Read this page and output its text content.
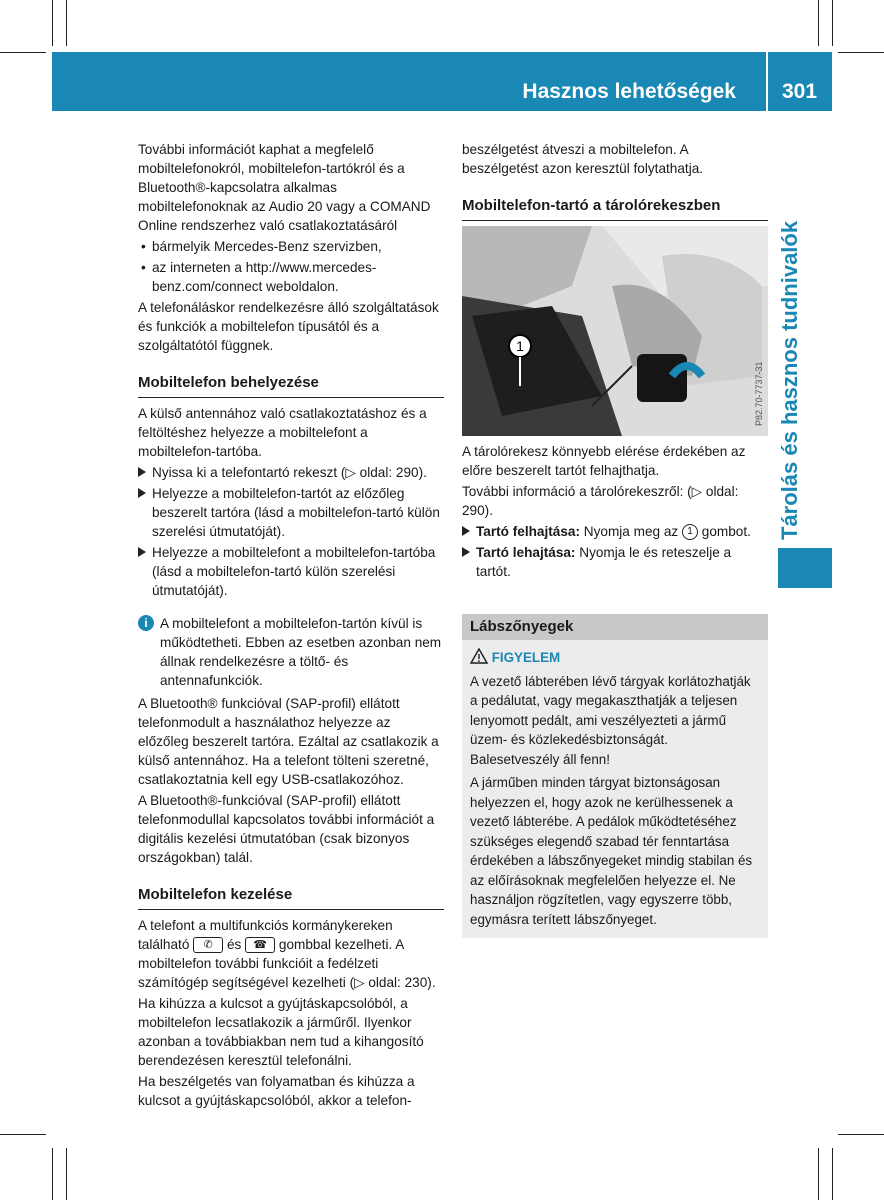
Hasznos lehetőségek 301
Tárolás és hasznos tudnivalók

További információt kaphat a megfelelő mobiltelefonokról, mobiltelefon-tartókról és a Bluetooth®-kapcsolatra alkalmas mobiltelefonoknak az Audio 20 vagy a COMAND Online rendszerhez való csatlakoztatásáról

• bármelyik Mercedes-Benz szervizben,

• az interneten a http://www.mercedes-benz.com/connect weboldalon.

A telefonáláskor rendelkezésre álló szolgáltatások és funkciók a mobiltelefon típusától és a szolgáltatótól függnek.

Mobiltelefon behelyezése

A külső antennához való csatlakoztatáshoz és a feltöltéshez helyezze a mobiltelefont a mobiltelefon-tartóba.

Nyissa ki a telefontartó rekeszt (▷ oldal: 290).

Helyezze a mobiltelefon-tartót az előzőleg beszerelt tartóra (lásd a mobiltelefon-tartó külön szerelési útmutatóját).

Helyezze a mobiltelefont a mobiltelefon-tartóba (lásd a mobiltelefon-tartó külön szerelési útmutatóját).

i A mobiltelefont a mobiltelefon-tartón kívül is működtetheti. Ebben az esetben azonban nem állnak rendelkezésre a töltő- és antennafunkciók.

A Bluetooth® funkcióval (SAP-profil) ellátott telefonmodult a használathoz helyezze az előzőleg beszerelt tartóra. Ezáltal az csatlakozik a külső antennához. Ha a telefont tölteni szeretné, csatlakoztatnia kell egy USB-csatlakozóhoz.

A Bluetooth®-funkcióval (SAP-profil) ellátott telefonmodullal kapcsolatos további információt a digitális kezelési útmutatóban (csak bizonyos országokban) talál.

Mobiltelefon kezelése

A telefont a multifunkciós kormánykereken található ✆ és ☎ gombbal kezelheti. A mobiltelefon további funkcióit a fedélzeti számítógép segítségével kezelheti (▷ oldal: 230).

Ha kihúzza a kulcsot a gyújtáskapcsolóból, a mobiltelefon lecsatlakozik a járműről. Ilyenkor azonban a továbbiakban nem tud a kihangosító berendezésen keresztül telefonálni.

Ha beszélgetés van folyamatban és kihúzza a kulcsot a gyújtáskapcsolóból, akkor a telefon-

beszélgetést átveszi a mobiltelefon. A beszélgetést azon keresztül folytathatja.

Mobiltelefon-tartó a tárolórekeszben
1
P82.70-7737-31

A tárolórekesz könnyebb elérése érdekében az előre beszerelt tartót felhajthatja.

További információ a tárolórekeszről: (▷ oldal: 290).

Tartó felhajtása: Nyomja meg az 1 gombot.

Tartó lehajtása: Nyomja le és reteszelje a tartót.

Lábszőnyegek
FIGYELEM

A vezető lábterében lévő tárgyak korlátozhatják a pedálutat, vagy megakaszthatják a teljesen lenyomott pedált, ami veszélyezteti a jármű üzem- és közlekedésbiztonságát. Balesetveszély áll fenn!

A járműben minden tárgyat biztonságosan helyezzen el, hogy azok ne kerülhessenek a vezető lábterébe. A pedálok működtetéséhez szükséges elegendő szabad tér fenntartása érdekében a lábszőnyegeket mindig stabilan és az előírásoknak megfelelően helyezze el. Ne használjon rögzítetlen, vagy egyszerre több, egymásra terített lábszőnyeget.
